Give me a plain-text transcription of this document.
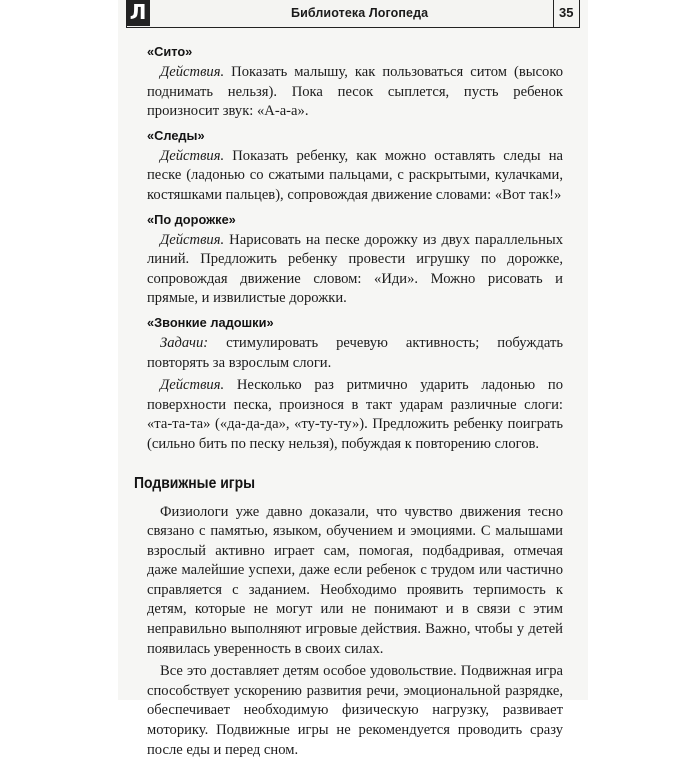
Л	Библиотека Логопеда	35
«Сито»

Действия. Показать малышу, как пользоваться ситом (высоко поднимать нельзя). Пока песок сыплется, пусть ребенок произносит звук: «А-а-а».

«Следы»

Действия. Показать ребенку, как можно оставлять следы на песке (ладонью со сжатыми пальцами, с раскрытыми, кулачками, костяшками пальцев), сопровождая движение словами: «Вот так!»

«По дорожке»

Действия. Нарисовать на песке дорожку из двух параллельных линий. Предложить ребенку провести игрушку по дорожке, сопровождая движение словом: «Иди». Можно рисовать и прямые, и извилистые дорожки.

«Звонкие ладошки»

Задачи: стимулировать речевую активность; побуждать повторять за взрослым слоги.

Действия. Несколько раз ритмично ударить ладонью по поверхности песка, произнося в такт ударам различные слоги: «та-та-та» («да-да-да», «ту-ту-ту»). Предложить ребенку поиграть (сильно бить по песку нельзя), побуждая к повторению слогов.

Подвижные игры

Физиологи уже давно доказали, что чувство движения тесно связано с памятью, языком, обучением и эмоциями. С малышами взрослый активно играет сам, помогая, подбадривая, отмечая даже малейшие успехи, даже если ребенок с трудом или частично справляется с заданием. Необходимо проявить терпимость к детям, которые не могут или не понимают и в связи с этим неправильно выполняют игровые действия. Важно, чтобы у детей появилась уверенность в своих силах.

Все это доставляет детям особое удовольствие. Подвижная игра способствует ускорению развития речи, эмоциональной разрядке, обеспечивает необходимую физическую нагрузку, развивает моторику. Подвижные игры не рекомендуется проводить сразу после еды и перед сном.
